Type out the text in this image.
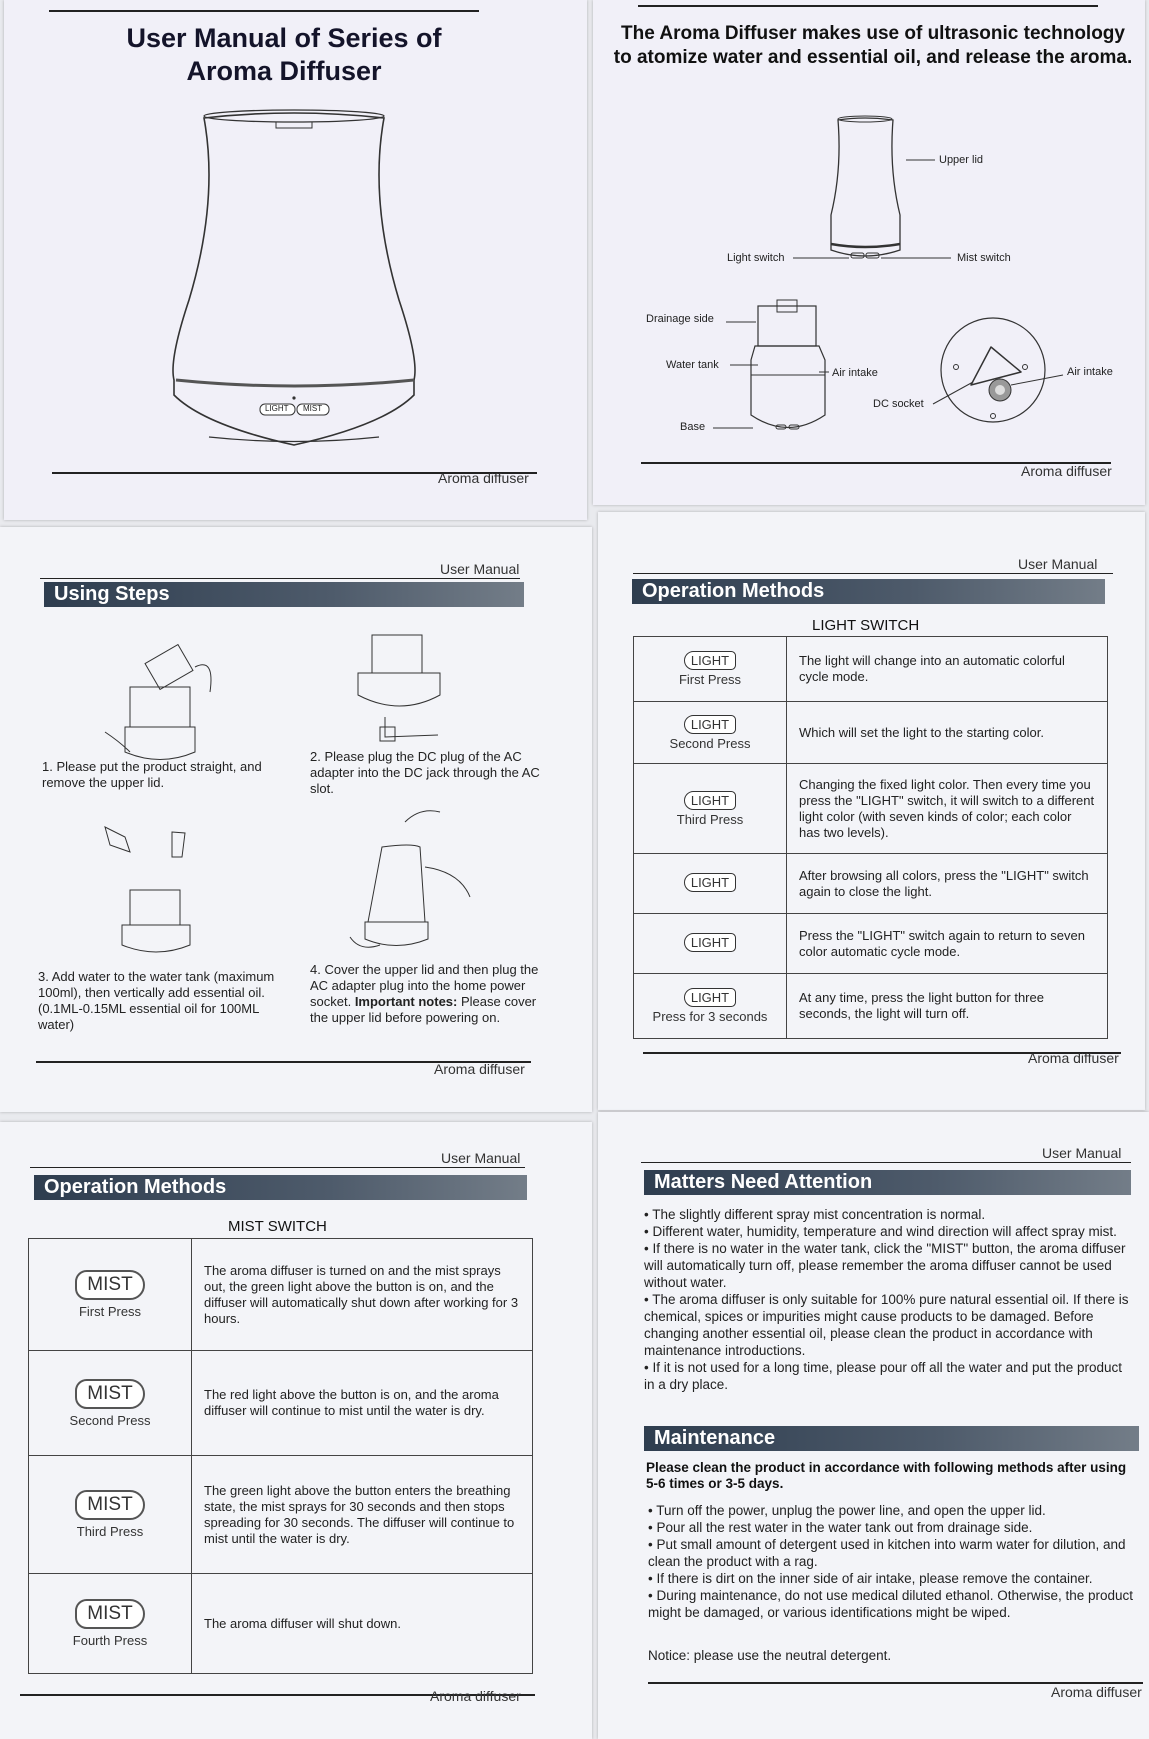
User Manual of Series of
Aroma Diffuser
LIGHT MIST
Aroma diffuser
The Aroma Diffuser makes use of ultrasonic technology to atomize water and essential oil, and release the aroma.
Upper lid
Light switch	Mist switch
Drainage side
Water tank
Air intake
DC socket
Base
Air intake
Aroma diffuser
User Manual
Using Steps
1. Please put the product straight, and remove the upper lid.
2. Please plug the DC plug of the AC adapter into the DC jack through the AC slot.
3. Add water to the water tank (maximum 100ml), then vertically add essential oil. (0.1ML-0.15ML essential oil for 100ML water)
4. Cover the upper lid and then plug the AC adapter plug into the home power socket. Important notes: Please cover the upper lid before powering on.
Aroma diffuser
User Manual
Operation Methods
LIGHT SWITCH
LIGHT
First Press	The light will change into an automatic colorful cycle mode.
LIGHT
Second Press	Which will set the light to the starting color.
LIGHT
Third Press	Changing the fixed light color. Then every time you press the "LIGHT" switch, it will switch to a different light color (with seven kinds of color; each color has two levels).
LIGHT	After browsing all colors, press the "LIGHT" switch again to close the light.
LIGHT	Press the "LIGHT" switch again to return to seven color automatic cycle mode.
LIGHT
Press for 3 seconds	At any time, press the light button for three seconds, the light will turn off.
Aroma diffuser
User Manual
Operation Methods
MIST SWITCH
MIST
First Press	The aroma diffuser is turned on and the mist sprays out, the green light above the button is on, and the diffuser will automatically shut down after working for 3 hours.
MIST
Second Press	The red light above the button is on, and the aroma diffuser will continue to mist until the water is dry.
MIST
Third Press	The green light above the button enters the breathing state, the mist sprays for 30 seconds and then stops spreading for 30 seconds. The diffuser will continue to mist until the water is dry.
MIST
Fourth Press	The aroma diffuser will shut down.
Aroma diffuser
User Manual
Matters Need Attention
• The slightly different spray mist concentration is normal.
• Different water, humidity, temperature and wind direction will affect spray mist.
• If there is no water in the water tank, click the "MIST" button, the aroma diffuser will automatically turn off, please remember the aroma diffuser cannot be used without water.
• The aroma diffuser is only suitable for 100% pure natural essential oil. If there is chemical, spices or impurities might cause products to be damaged. Before changing another essential oil, please clean the product in accordance with maintenance introductions.
• If it is not used for a long time, please pour off all the water and put the product in a dry place.
Maintenance
Please clean the product in accordance with following methods after using 5-6 times or 3-5 days.
• Turn off the power, unplug the power line, and open the upper lid.
• Pour all the rest water in the water tank out from drainage side.
• Put small amount of detergent used in kitchen into warm water for dilution, and clean the product with a rag.
• If there is dirt on the inner side of air intake, please remove the container.
• During maintenance, do not use medical diluted ethanol. Otherwise, the product might be damaged, or various identifications might be wiped.
Notice: please use the neutral detergent.
Aroma diffuser
